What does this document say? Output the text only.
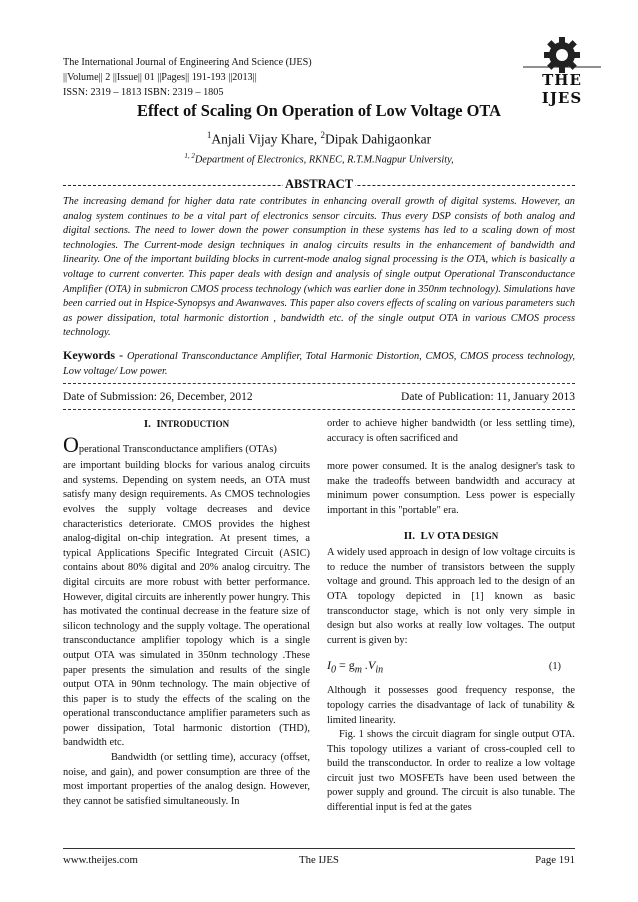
The International Journal of Engineering And Science (IJES)
||Volume|| 2 ||Issue|| 01 ||Pages|| 191-193 ||2013||
ISSN: 2319 – 1813 ISBN: 2319 – 1805
THE IJES
Effect of Scaling On Operation of Low Voltage OTA
$^1$Anjali Vijay Khare, $^2$Dipak Dahigaonkar
$^{1, 2}$Department of Electronics, RKNEC, R.T.M.Nagpur University,
ABSTRACT
The increasing demand for higher data rate contributes in enhancing overall growth of digital systems. However, an analog system continues to be a vital part of electronics sensor circuits. Thus every DSP consists of both analog and digital sections. The need to lower down the power consumption in these systems has led to a scaling down of most technologies. The Current-mode design techniques in analog circuits results in the enhancement of bandwidth and linearity. One of the important building blocks in current-mode analog signal processing is the OTA, which is basically a voltage to current converter. This paper deals with design and analysis of single output Operational Transconductance Amplifier (OTA) in submicron CMOS process technology (which was earlier done in 350nm technology). Simulations have been carried out in Hspice-Synopsys and Awanwaves. This paper also covers effects of scaling on various parameters such as power dissipation, total harmonic distortion , bandwidth etc. of the single output OTA in various CMOS process technology.
Keywords - Operational Transconductance Amplifier, Total Harmonic Distortion, CMOS, CMOS process technology, Low voltage/ Low power.
Date of Submission: 26, December, 2012	Date of Publication: 11, January 2013
I. INTRODUCTION

Operational Transconductance amplifiers (OTAs)

are important building blocks for various analog circuits and systems. Depending on system needs, an OTA must satisfy many design requirements. As CMOS technologies evolves the supply voltage decreases and device characteristics deteriorate. CMOS provides the highest analog-digital on-chip integration. At present times, a typical Applications Specific Integrated Circuit (ASIC) contains about 80% digital and 20% analog circuitry. The digital circuits are more robust with better performance. However, digital circuits are inherently power hungry. This has motivated the continual decrease in the feature size of silicon technology and the supply voltage. The operational transconductance amplifier topology which is a single output OTA was simulated in 350nm technology .These paper presents the simulation and results of the single output OTA in 90nm technology. The main objective of this paper is to study the effects of the scaling on the operational transconductance amplifier parameters such as power dissipation, Total harmonic distortion (THD), bandwidth etc.

Bandwidth (or settling time), accuracy (offset, noise, and gain), and power consumption are three of the most important properties of the analog design. However, they cannot be satisfied simultaneously. In

order to achieve higher bandwidth (or less settling time), accuracy is often sacrificed and

more power consumed. It is the analog designer's task to make the tradeoffs between bandwidth and accuracy at minimum power consumption. Less power is especially important in this "portable" era.

II. LV OTA DESIGN

A widely used approach in design of low voltage circuits is to reduce the number of transistors between the supply voltage and ground. This approach led to the design of an OTA topology depicted in [1] known as basic transconductor stage, which is not only very simple in design but also works at really low voltages. The output current is given by:

$I_0 = g_m$ $.V_{in}$	(1)

Although it possesses good frequency response, the topology carries the disadvantage of lack of tunability & limited linearity.

Fig. 1 shows the circuit diagram for single output OTA. This topology utilizes a variant of cross-coupled cell to build the transconductor. In order to realize a low voltage circuit just two MOSFETs have been used between the power supply and ground. The circuit is also tunable. The differential input is fed at the gates

www.theijes.com	The IJES	Page 191
